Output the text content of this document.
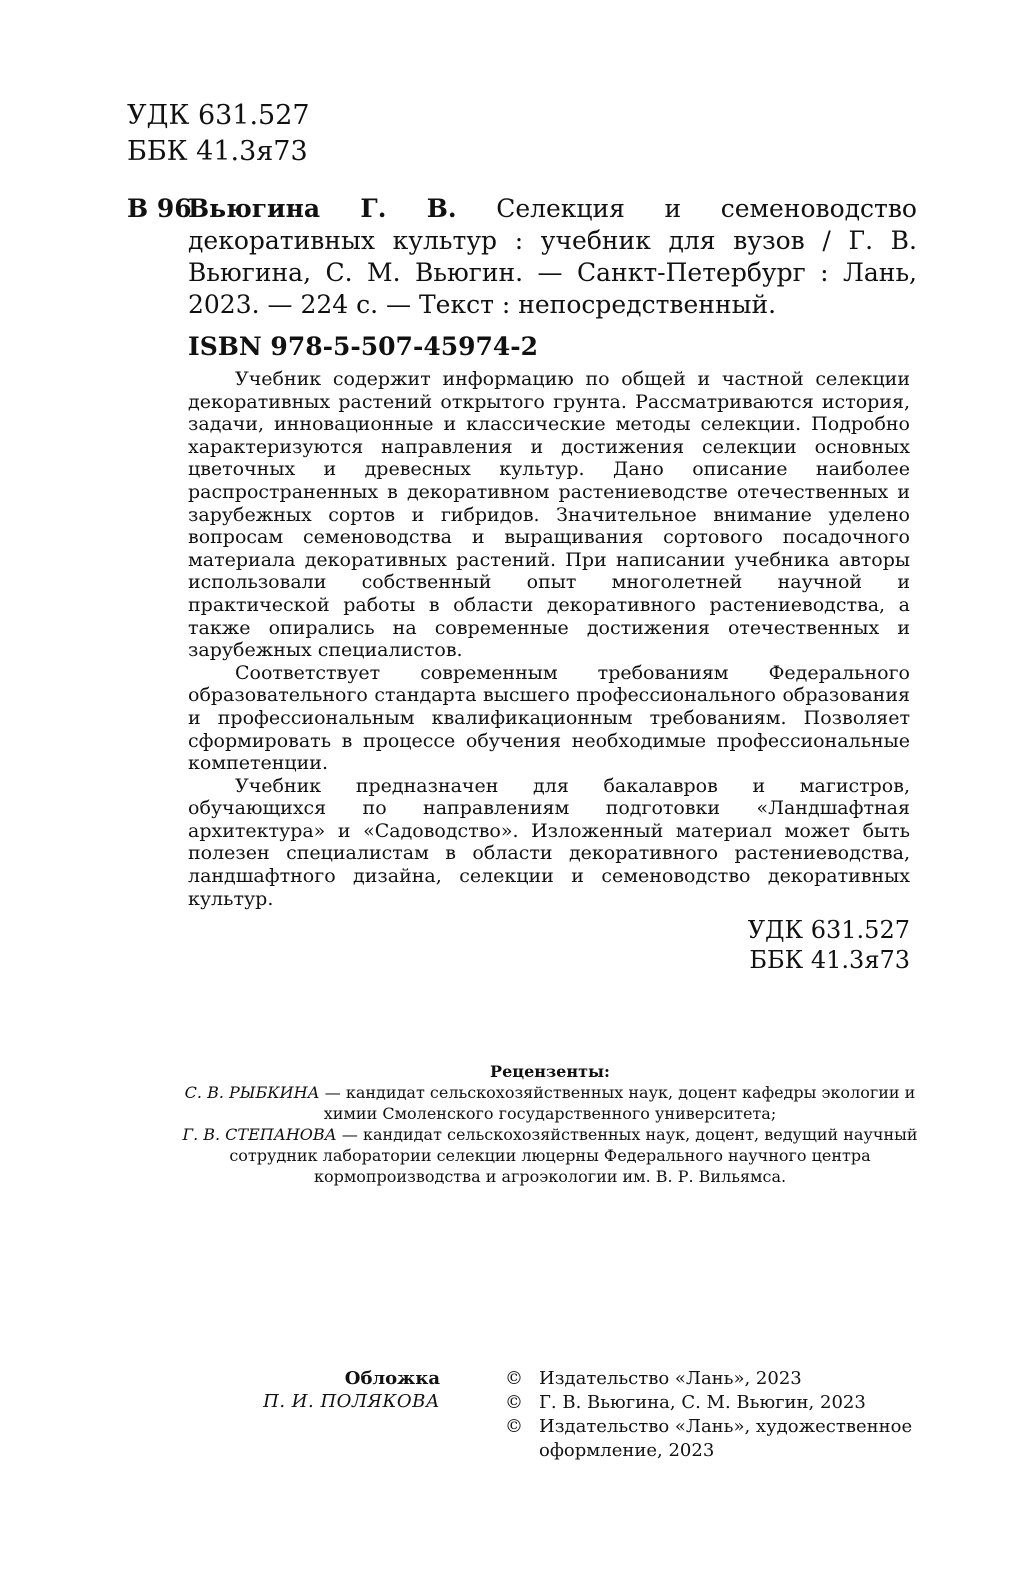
УДК 631.527
ББК 41.3я73
В 96
Вьюгина Г. В. Селекция и семеноводство декоративных культур : учебник для вузов / Г. В. Вьюгина, С. М. Вьюгин. — Санкт-Петербург : Лань, 2023. — 224 с. — Текст : непосредственный.
ISBN 978-5-507-45974-2

Учебник содержит информацию по общей и частной селекции декоративных растений открытого грунта. Рассматриваются история, задачи, инновационные и классические методы селекции. Подробно характеризуются направления и достижения селекции основных цветочных и древесных культур. Дано описание наиболее распространенных в декоративном растениеводстве отечественных и зарубежных сортов и гибридов. Значительное внимание уделено вопросам семеноводства и выращивания сортового посадочного материала декоративных растений. При написании учебника авторы использовали собственный опыт многолетней научной и практической работы в области декоративного растениеводства, а также опирались на современные достижения отечественных и зарубежных специалистов.

Соответствует современным требованиям Федерального образовательного стандарта высшего профессионального образования и профессиональным квалификационным требованиям. Позволяет сформировать в процессе обучения необходимые профессиональные компетенции.

Учебник предназначен для бакалавров и магистров, обучающихся по направлениям подготовки «Ландшафтная архитектура» и «Садоводство». Изложенный материал может быть полезен специалистам в области декоративного растениеводства, ландшафтного дизайна, селекции и семеноводство декоративных культур.

УДК 631.527
ББК 41.3я73
Рецензенты:
С. В. РЫБКИНА — кандидат сельскохозяйственных наук, доцент кафедры экологии и химии Смоленского государственного университета;
Г. В. СТЕПАНОВА — кандидат сельскохозяйственных наук, доцент, ведущий научный сотрудник лаборатории селекции люцерны Федерального научного центра кормопроизводства и агроэкологии им. В. Р. Вильямса.
Обложка
П. И. ПОЛЯКОВА
© Издательство «Лань», 2023
© Г. В. Вьюгина, С. М. Вьюгин, 2023
© Издательство «Лань», художественное оформление, 2023
